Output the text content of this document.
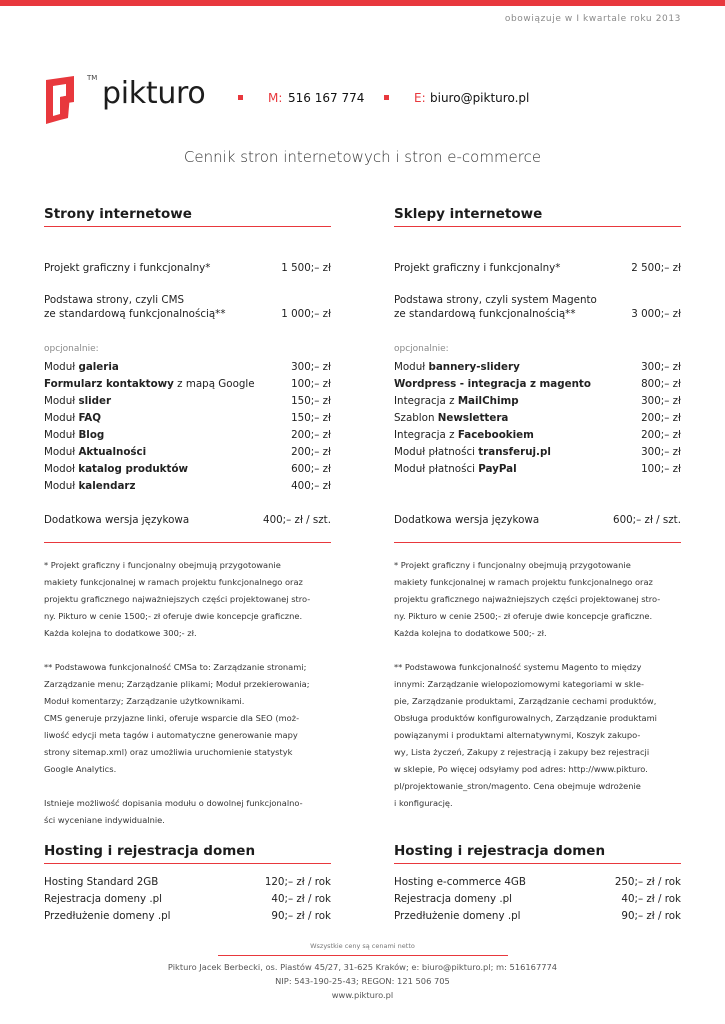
obowiązuje w I kwartale roku 2013
TM pikturo	M: 516 167 774	E: biuro@pikturo.pl
Cennik stron internetowych i stron e-commerce
Strony internetowe
Projekt graficzny i funkcjonalny*	1 500;– zł
Podstawa strony, czyli CMS
ze standardową funkcjonalnością**	1 000;– zł
opcjonalnie:
Moduł galeria	300;– zł
Formularz kontaktowy z mapą Google	100;– zł
Moduł slider	150;– zł
Moduł FAQ	150;– zł
Moduł Blog	200;– zł
Moduł Aktualności	200;– zł
Modoł katalog produktów	600;– zł
Moduł kalendarz	400;– zł
Dodatkowa wersja językowa	400;– zł / szt.

* Projekt graficzny i funcjonalny obejmują przygotowanie

makiety funkcjonalnej w ramach projektu funkcjonalnego oraz

projektu graficznego najważniejszych części projektowanej stro-

ny. Pikturo w cenie 1500;- zł oferuje dwie koncepcje graficzne.

Każda kolejna to dodatkowe 300;- zł.

** Podstawowa funkcjonalność CMSa to: Zarządzanie stronami;

Zarządzanie menu; Zarządzanie plikami; Moduł przekierowania;

Moduł komentarzy; Zarządzanie użytkownikami.

CMS generuje przyjazne linki, oferuje wsparcie dla SEO (moż-

liwość edycji meta tagów i automatyczne generowanie mapy

strony sitemap.xml) oraz umożliwia uruchomienie statystyk

Google Analytics.

Istnieje możliwość dopisania modułu o dowolnej funkcjonalno-

ści wyceniane indywidualnie.

Hosting i rejestracja domen
Hosting Standard 2GB	120;– zł / rok
Rejestracja domeny .pl	40;– zł / rok
Przedłużenie domeny .pl	90;– zł / rok
Sklepy internetowe
Projekt graficzny i funkcjonalny*	2 500;– zł
Podstawa strony, czyli system Magento
ze standardową funkcjonalnością**	3 000;– zł
opcjonalnie:
Moduł bannery-slidery	300;– zł
Wordpress - integracja z magento	800;– zł
Integracja z MailChimp	300;– zł
Szablon Newslettera	200;– zł
Integracja z Facebookiem	200;– zł
Moduł płatności transferuj.pl	300;– zł
Moduł płatności PayPal	100;– zł
Dodatkowa wersja językowa	600;– zł / szt.

* Projekt graficzny i funcjonalny obejmują przygotowanie

makiety funkcjonalnej w ramach projektu funkcjonalnego oraz

projektu graficznego najważniejszych części projektowanej stro-

ny. Pikturo w cenie 2500;- zł oferuje dwie koncepcje graficzne.

Każda kolejna to dodatkowe 500;- zł.

** Podstawowa funkcjonalność systemu Magento to między

innymi: Zarządzanie wielopoziomowymi kategoriami w skle-

pie, Zarządzanie produktami, Zarządzanie cechami produktów,

Obsługa produktów konfigurowalnych, Zarządzanie produktami

powiązanymi i produktami alternatywnymi, Koszyk zakupo-

wy, Lista życzeń, Zakupy z rejestracją i zakupy bez rejestracji

w sklepie, Po więcej odsyłamy pod adres: http://www.pikturo.

pl/projektowanie_stron/magento. Cena obejmuje wdrożenie

i konfigurację.

Hosting i rejestracja domen
Hosting e-commerce 4GB	250;– zł / rok
Rejestracja domeny .pl	40;– zł / rok
Przedłużenie domeny .pl	90;– zł / rok
Wszystkie ceny są cenami netto
Pikturo Jacek Berbecki, os. Piastów 45/27, 31-625 Kraków; e: biuro@pikturo.pl; m: 516167774
NIP: 543-190-25-43; REGON: 121 506 705
www.pikturo.pl
